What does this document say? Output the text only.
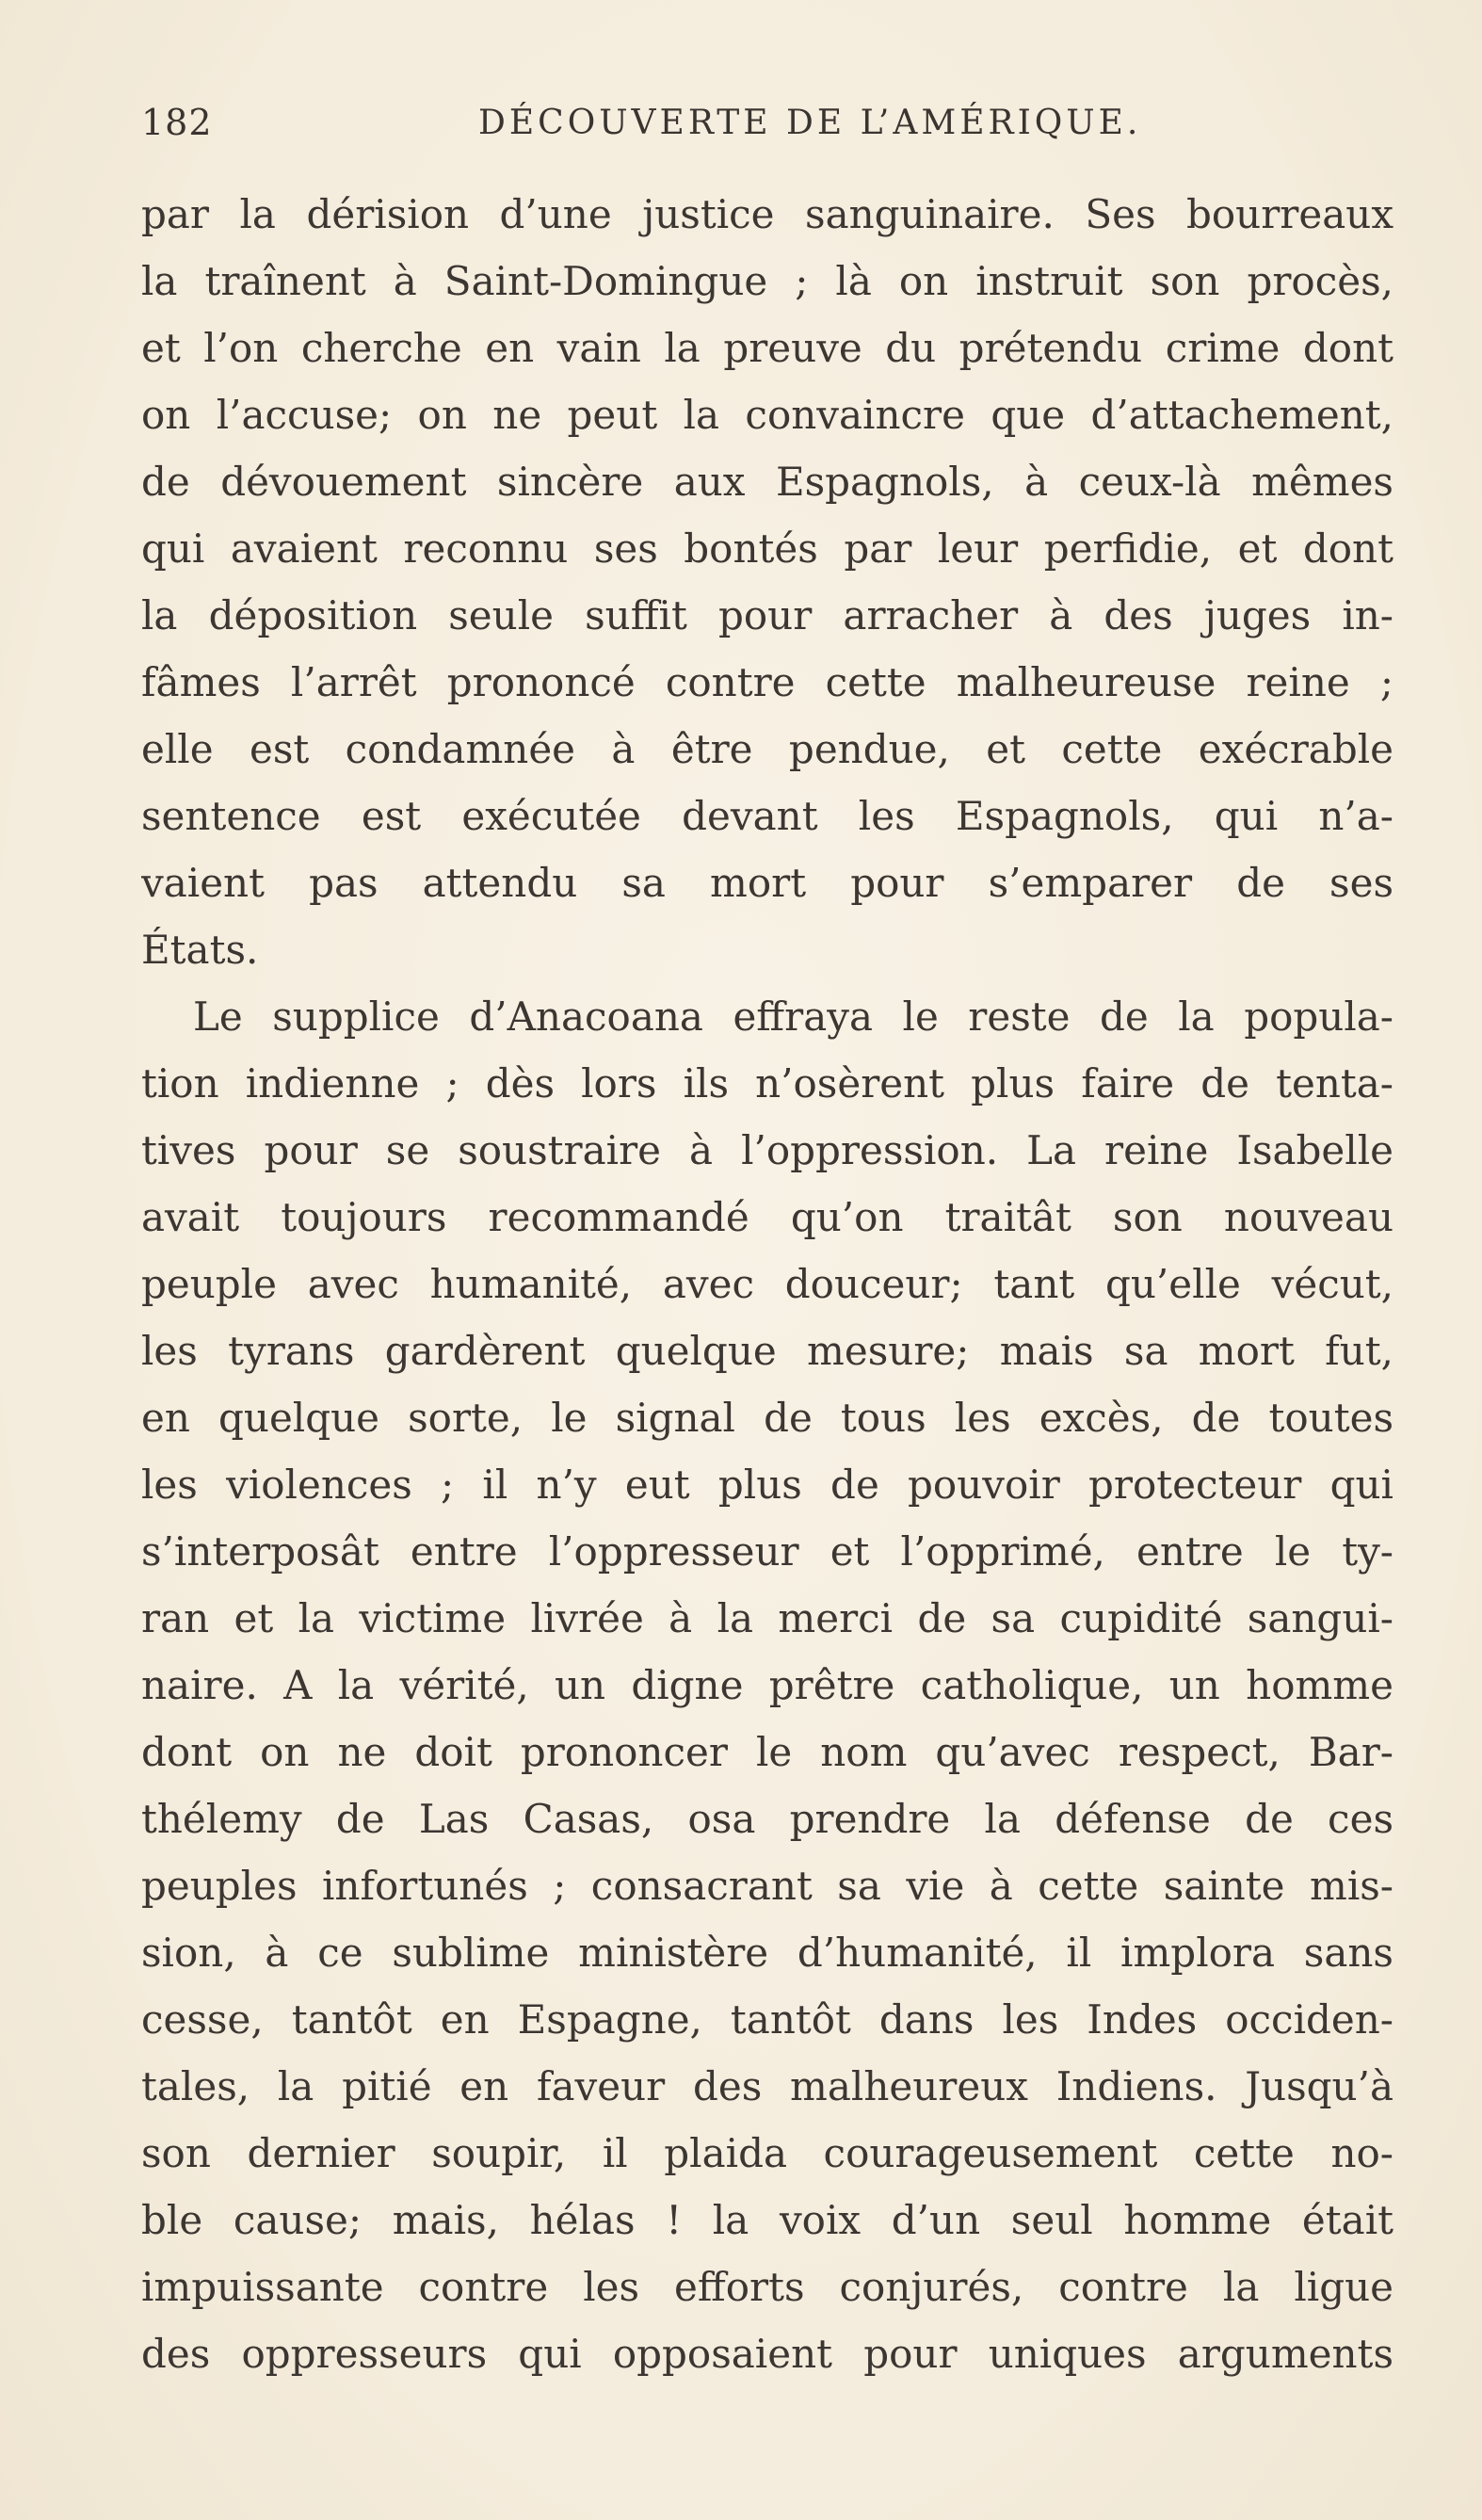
182	DÉCOUVERTE DE L’AMÉRIQUE.
par la dérision d’une justice sanguinaire. Ses bourreaux
la traînent à Saint-Domingue ; là on instruit son procès,
et l’on cherche en vain la preuve du prétendu crime dont
on l’accuse; on ne peut la convaincre que d’attachement,
de dévouement sincère aux Espagnols, à ceux-là mêmes
qui avaient reconnu ses bontés par leur perfidie, et dont
la déposition seule suffit pour arracher à des juges in-
fâmes l’arrêt prononcé contre cette malheureuse reine ;
elle est condamnée à être pendue, et cette exécrable
sentence est exécutée devant les Espagnols, qui n’a-
vaient pas attendu sa mort pour s’emparer de ses
États.
Le supplice d’Anacoana effraya le reste de la popula-
tion indienne ; dès lors ils n’osèrent plus faire de tenta-
tives pour se soustraire à l’oppression. La reine Isabelle
avait toujours recommandé qu’on traitât son nouveau
peuple avec humanité, avec douceur; tant qu’elle vécut,
les tyrans gardèrent quelque mesure; mais sa mort fut,
en quelque sorte, le signal de tous les excès, de toutes
les violences ; il n’y eut plus de pouvoir protecteur qui
s’interposât entre l’oppresseur et l’opprimé, entre le ty-
ran et la victime livrée à la merci de sa cupidité sangui-
naire. A la vérité, un digne prêtre catholique, un homme
dont on ne doit prononcer le nom qu’avec respect, Bar-
thélemy de Las Casas, osa prendre la défense de ces
peuples infortunés ; consacrant sa vie à cette sainte mis-
sion, à ce sublime ministère d’humanité, il implora sans
cesse, tantôt en Espagne, tantôt dans les Indes occiden-
tales, la pitié en faveur des malheureux Indiens. Jusqu’à
son dernier soupir, il plaida courageusement cette no-
ble cause; mais, hélas ! la voix d’un seul homme était
impuissante contre les efforts conjurés, contre la ligue
des oppresseurs qui opposaient pour uniques arguments
